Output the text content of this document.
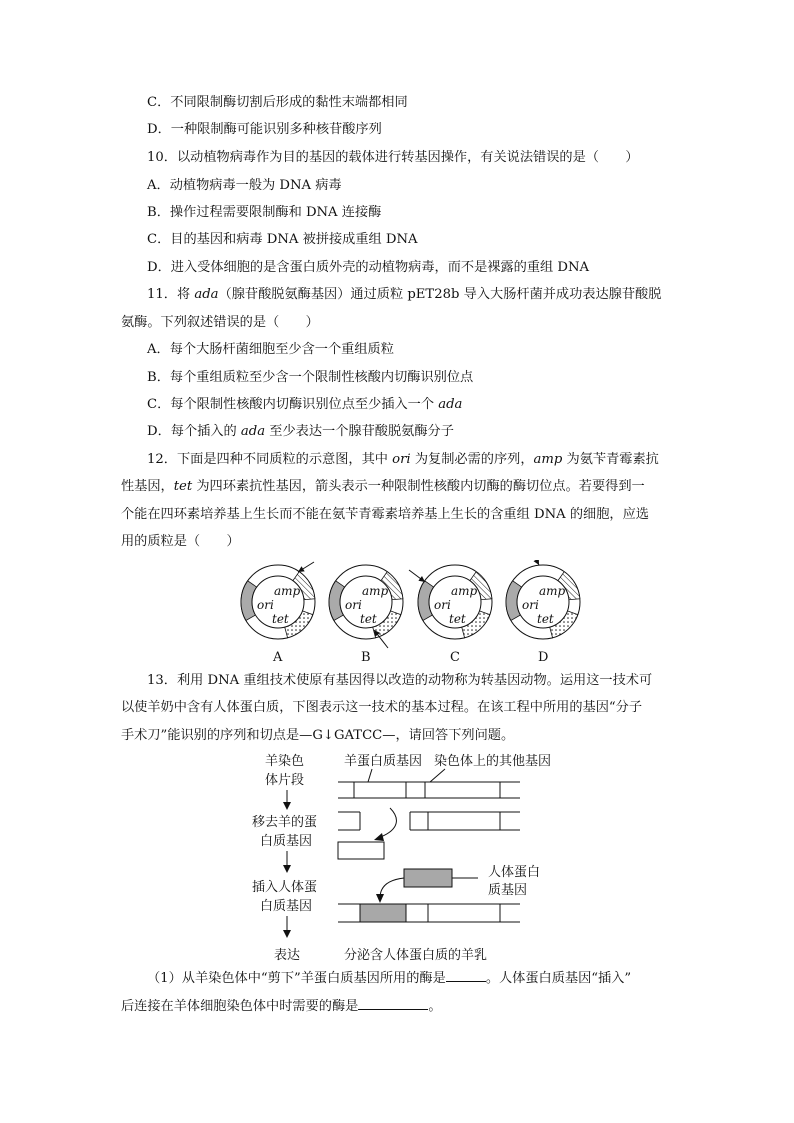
C．不同限制酶切割后形成的黏性末端都相同
D．一种限制酶可能识别多种核苷酸序列
10．以动植物病毒作为目的基因的载体进行转基因操作，有关说法错误的是（　　）
A．动植物病毒一般为 DNA 病毒
B．操作过程需要限制酶和 DNA 连接酶
C．目的基因和病毒 DNA 被拼接成重组 DNA
D．进入受体细胞的是含蛋白质外壳的动植物病毒，而不是裸露的重组 DNA
11．将 ada（腺苷酸脱氨酶基因）通过质粒 pET28b 导入大肠杆菌并成功表达腺苷酸脱
氨酶。下列叙述错误的是（　　）
A．每个大肠杆菌细胞至少含一个重组质粒
B．每个重组质粒至少含一个限制性核酸内切酶识别位点
C．每个限制性核酸内切酶识别位点至少插入一个 ada
D．每个插入的 ada 至少表达一个腺苷酸脱氨酶分子
12．下面是四种不同质粒的示意图，其中 ori 为复制必需的序列，amp 为氨苄青霉素抗
性基因，tet 为四环素抗性基因，箭头表示一种限制性核酸内切酶的酶切位点。若要得到一
个能在四环素培养基上生长而不能在氨苄青霉素培养基上生长的含重组 DNA 的细胞，应选
用的质粒是（　　）
amp
ori
tet
A
amp
ori
tet
B
amp
ori
tet
C
amp
ori
tet
D
13．利用 DNA 重组技术使原有基因得以改造的动物称为转基因动物。运用这一技术可
以使羊奶中含有人体蛋白质，下图表示这一技术的基本过程。在该工程中所用的基因“分子
手术刀”能识别的序列和切点是—G↓GATCC—，请回答下列问题。
羊染色
体片段
移去羊的蛋
白质基因
插入人体蛋
白质基因
表达
羊蛋白质基因 染色体上的其他基因
人体蛋白
质基因
分泌含人体蛋白质的羊乳
（1）从羊染色体中“剪下”羊蛋白质基因所用的酶是	。人体蛋白质基因“插入”
后连接在羊体细胞染色体中时需要的酶是	。
